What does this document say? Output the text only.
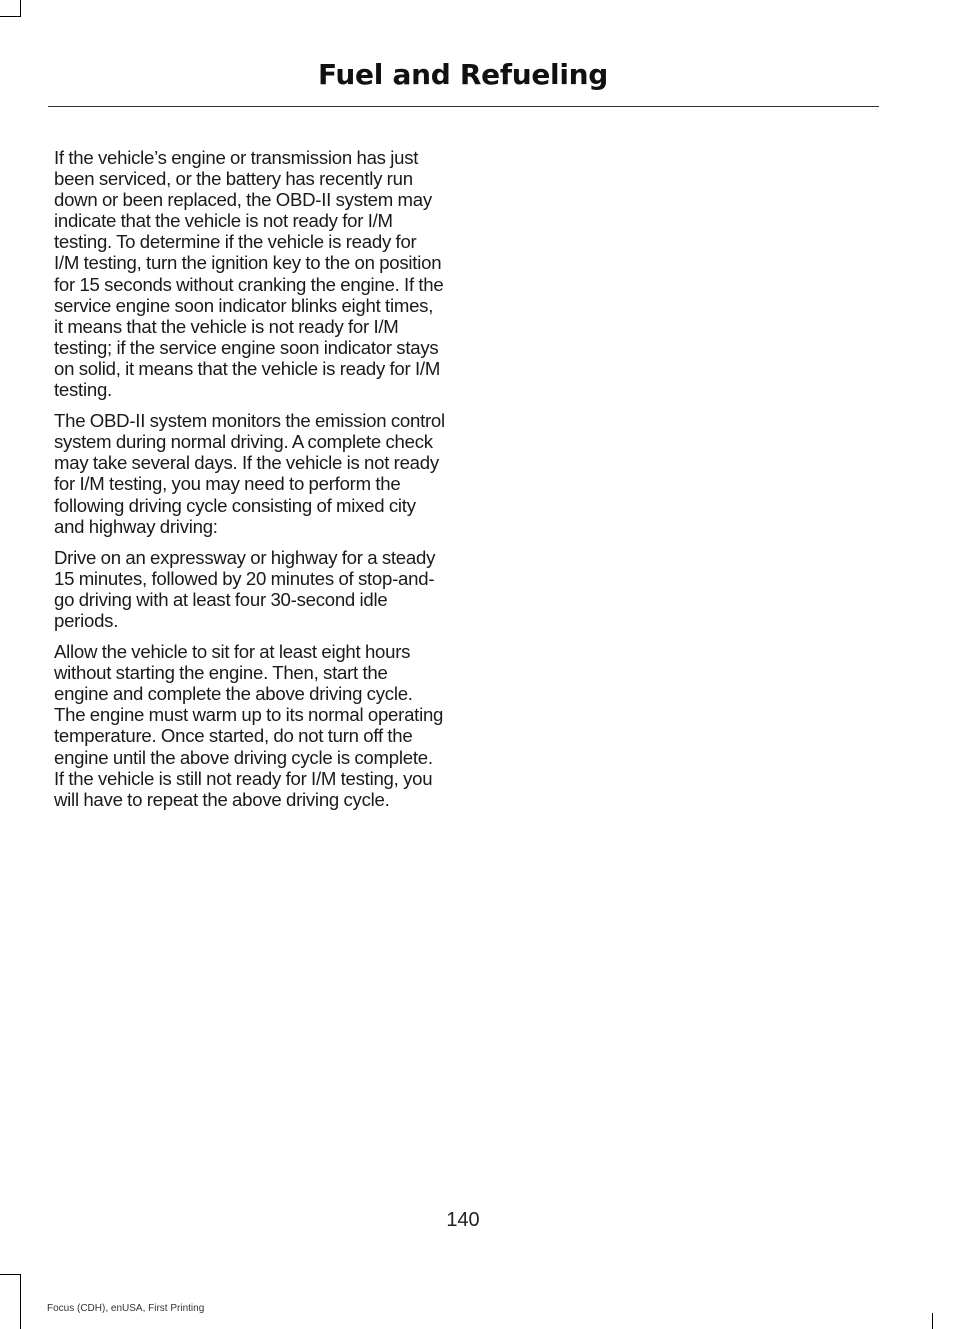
Fuel and Refueling

If the vehicle’s engine or transmission has just been serviced, or the battery has recently run down or been replaced, the OBD-II system may indicate that the vehicle is not ready for I/M testing. To determine if the vehicle is ready for I/M testing, turn the ignition key to the on position for 15 seconds without cranking the engine. If the service engine soon indicator blinks eight times, it means that the vehicle is not ready for I/M testing; if the service engine soon indicator stays on solid, it means that the vehicle is ready for I/M testing.

The OBD-II system monitors the emission control system during normal driving. A complete check may take several days. If the vehicle is not ready for I/M testing, you may need to perform the following driving cycle consisting of mixed city and highway driving:

Drive on an expressway or highway for a steady 15 minutes, followed by 20 minutes of stop-and-go driving with at least four 30-second idle periods.

Allow the vehicle to sit for at least eight hours without starting the engine. Then, start the engine and complete the above driving cycle. The engine must warm up to its normal operating temperature. Once started, do not turn off the engine until the above driving cycle is complete. If the vehicle is still not ready for I/M testing, you will have to repeat the above driving cycle.

140
Focus (CDH), enUSA, First Printing
